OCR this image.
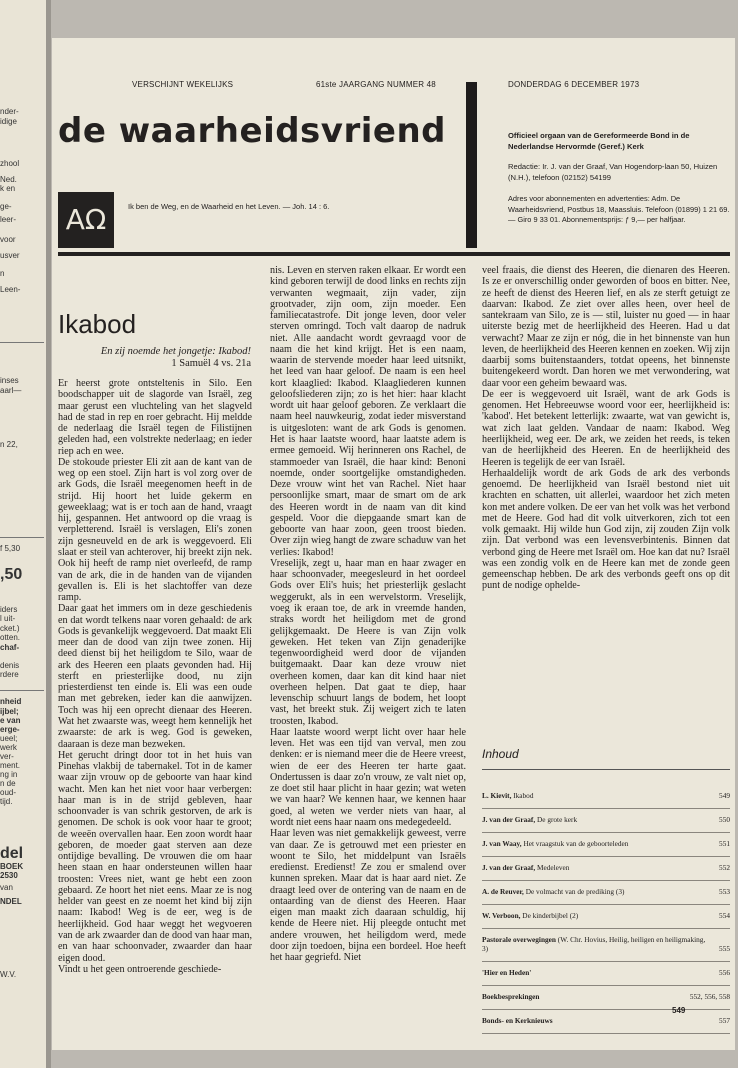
nder-
idige
zhool
Ned.
k en
ge-
leer-
voor
usver
n
Leen-
inses
aarl—
n 22,
f 5,30
,50
iders
l uit-
cket.)
otten.
chaf-
denis
rdere
nheid
ijbel;
e van
erge-
ueel;
werk
ver-
ment.
ng in
n de
oud-
tijd.
del
BOEK
2530
van
NDEL
W.V.
VERSCHIJNT WEKELIJKS	61ste JAARGANG NUMMER 48	DONDERDAG 6 DECEMBER 1973
de waarheidsvriend	Officieel orgaan van de Gereformeerde Bond in de Nederlandse Hervormde (Geref.) Kerk
Redactie: Ir. J. van der Graaf, Van Hogendorp-laan 50, Huizen (N.H.), telefoon (02152) 54199
Adres voor abonnementen en advertenties: Adm. De Waarheidsvriend, Postbus 18, Maassluis. Telefoon (01899) 1 21 69. — Giro 9 33 01. Abonnementsprijs: ƒ 9,— per halfjaar.
ΑΩ	Ik ben de Weg, en de Waarheid en het Leven. — Joh. 14 : 6.
Ikabod
En zij noemde het jongetje: Ikabod!
1 Samuël 4 vs. 21a

Er heerst grote ontsteltenis in Silo. Een boodschapper uit de slagorde van Israël, zeg maar gerust een vluchteling van het slagveld had de stad in rep en roer gebracht. Hij meldde de nederlaag die Israël tegen de Filistijnen geleden had, een volstrekte nederlaag; en ieder riep ach en wee.

De stokoude priester Eli zit aan de kant van de weg op een stoel. Zijn hart is vol zorg over de ark Gods, die Israël meegenomen heeft in de strijd. Hij hoort het luide gekerm en geweeklaag; wat is er toch aan de hand, vraagt hij, gespannen. Het antwoord op die vraag is verpletterend. Israël is verslagen, Eli's zonen zijn gesneuveld en de ark is weggevoerd. Eli slaat er steil van achterover, hij breekt zijn nek. Ook hij heeft de ramp niet overleefd, de ramp van de ark, die in de handen van de vijanden gevallen is. Eli is het slachtoffer van deze ramp.

Daar gaat het immers om in deze geschiedenis en dat wordt telkens naar voren gehaald: de ark Gods is gevankelijk weggevoerd. Dat maakt Eli meer dan de dood van zijn twee zonen. Hij deed dienst bij het heiligdom te Silo, waar de ark des Heeren een plaats gevonden had. Hij sterft en priesterlijke dood, nu zijn priesterdienst ten einde is. Eli was een oude man met gebreken, ieder kan die aanwijzen. Toch was hij een oprecht dienaar des Heeren. Wat het zwaarste was, weegt hem kennelijk het zwaarste: de ark is weg. God is geweken, daaraan is deze man bezweken.

Het gerucht dringt door tot in het huis van Pinehas vlakbij de tabernakel. Tot in de kamer waar zijn vrouw op de geboorte van haar kind wacht. Men kan het niet voor haar verbergen: haar man is in de strijd gebleven, haar schoonvader is van schrik gestorven, de ark is genomen. De schok is ook voor haar te groot; de weeën overvallen haar. Een zoon wordt haar geboren, de moeder gaat sterven aan deze ontijdige bevalling. De vrouwen die om haar heen staan en haar ondersteunen willen haar troosten: Vrees niet, want ge hebt een zoon gebaard. Ze hoort het niet eens. Maar ze is nog helder van geest en ze noemt het kind bij zijn naam: Ikabod! Weg is de eer, weg is de heerlijkheid. God haar weggt het wegvoeren van de ark zwaarder dan de dood van haar man, en van haar schoonvader, zwaarder dan haar eigen dood.

Vindt u het geen ontroerende geschiede-

nis. Leven en sterven raken elkaar. Er wordt een kind geboren terwijl de dood links en rechts zijn verwanten wegmaait, zijn vader, zijn grootvader, zijn oom, zijn moeder. Een familiecatastrofe. Dit jonge leven, door veler sterven omringd. Toch valt daarop de nadruk niet. Alle aandacht wordt gevraagd voor de naam die het kind krijgt. Het is een naam, waarin de stervende moeder haar leed uitsnikt, het leed van haar geloof. De naam is een heel kort klaaglied: Ikabod. Klaagliederen kunnen geloofsliederen zijn; zo is het hier: haar klacht wordt uit haar geloof geboren. Ze verklaart die naam heel nauwkeurig, zodat ieder misverstand is uitgesloten: want de ark Gods is genomen. Het is haar laatste woord, haar laatste adem is ermee gemoeid. Wij herinneren ons Rachel, de stammoeder van Israël, die haar kind: Benoni noemde, onder soortgelijke omstandigheden. Deze vrouw wint het van Rachel. Niet haar persoonlijke smart, maar de smart om de ark des Heeren wordt in de naam van dit kind gespeld. Voor die diepgaande smart kan de geboorte van haar zoon, geen troost bieden. Over zijn wieg hangt de zware schaduw van het verlies: Ikabod!

Vreselijk, zegt u, haar man en haar zwager en haar schoonvader, meegesleurd in het oordeel Gods over Eli's huis; het priesterlijk geslacht weggerukt, als in een wervelstorm. Vreselijk, voeg ik eraan toe, de ark in vreemde handen, straks wordt het heiligdom met de grond gelijkgemaakt. De Heere is van Zijn volk geweken. Het teken van Zijn genaderijke tegenwoordigheid werd door de vijanden buitgemaakt. Daar kan deze vrouw niet overheen komen, daar kan dit kind haar niet overheen helpen. Dat gaat te diep, haar levenschip schuurt langs de bodem, het loopt vast, het breekt stuk. Zij weigert zich te laten troosten, Ikabod.

Haar laatste woord werpt licht over haar hele leven. Het was een tijd van verval, men zou denken: er is niemand meer die de Heere vreest, wien de eer des Heeren ter harte gaat. Ondertussen is daar zo'n vrouw, ze valt niet op, ze doet stil haar plicht in haar gezin; wat weten we van haar? We kennen haar, we kennen haar goed, al weten we verder niets van haar, al wordt niet eens haar naam ons medegedeeld.

Haar leven was niet gemakkelijk geweest, verre van daar. Ze is getrouwd met een priester en woont te Silo, het middelpunt van Israëls eredienst. Eredienst! Ze zou er smalend over kunnen spreken. Maar dat is haar aard niet. Ze draagt leed over de ontering van de naam en de ontaarding van de dienst des Heeren. Haar eigen man maakt zich daaraan schuldig, hij kende de Heere niet. Hij pleegde ontucht met andere vrouwen, het heiligdom werd, mede door zijn toedoen, bijna een bordeel. Hoe heeft het haar gegriefd. Niet

veel fraais, die dienst des Heeren, die dienaren des Heeren. Is ze er onverschillig onder geworden of boos en bitter. Nee, ze heeft de dienst des Heeren lief, en als ze sterft getuigt ze daarvan: Ikabod. Ze ziet over alles heen, over heel de santekraam van Silo, ze is — stil, luister nu goed — in haar uiterste bezig met de heerlijkheid des Heeren. Had u dat verwacht? Maar ze zijn er nóg, die in het binnenste van hun leven, de heerlijkheid des Heeren kennen en zoeken. Wij zijn daarbij soms buitenstaanders, totdat opeens, het binnenste buitengekeerd wordt. Dan horen we met verwondering, wat daar voor een geheim bewaard was.

De eer is weggevoerd uit Israël, want de ark Gods is genomen. Het Hebreeuwse woord voor eer, heerlijkheid is: 'kabod'. Het betekent letterlijk: zwaarte, wat van gewicht is, wat zich laat gelden. Vandaar de naam: Ikabod. Weg heerlijkheid, weg eer. De ark, we zeiden het reeds, is teken van de heerlijkheid des Heeren. En de heerlijkheid des Heeren is tegelijk de eer van Israël.

Herhaaldelijk wordt de ark Gods de ark des verbonds genoemd. De heerlijkheid van Israël bestond niet uit krachten en schatten, uit allerlei, waardoor het zich meten kon met andere volken. De eer van het volk was het verbond met de Heere. God had dit volk uitverkoren, zich tot een volk gemaakt. Hij wilde hun God zijn, zij zouden Zijn volk zijn. Dat verbond was een levensverbintenis. Binnen dat verbond ging de Heere met Israël om. Hoe kan dat nu? Israël was een zondig volk en de Heere kan met de zonde geen gemeenschap hebben. De ark des verbonds geeft ons op dit punt de nodige ophelde-

Inhoud
L. Kievit, Ikabod	549
J. van der Graaf, De grote kerk	550
J. van Waay, Het vraagstuk van de geboorteleden	551
J. van der Graaf, Medeleven	552
A. de Reuver, De volmacht van de prediking (3)	553
W. Verboon, De kinderbijbel (2)	554
Pastorale overwegingen (W. Chr. Hovius, Heilig, heiligen en heiligmaking, 3)	555
'Hier en Heden'	556
Boekbesprekingen	552, 556, 558
Bonds- en Kerknieuws	557
549
